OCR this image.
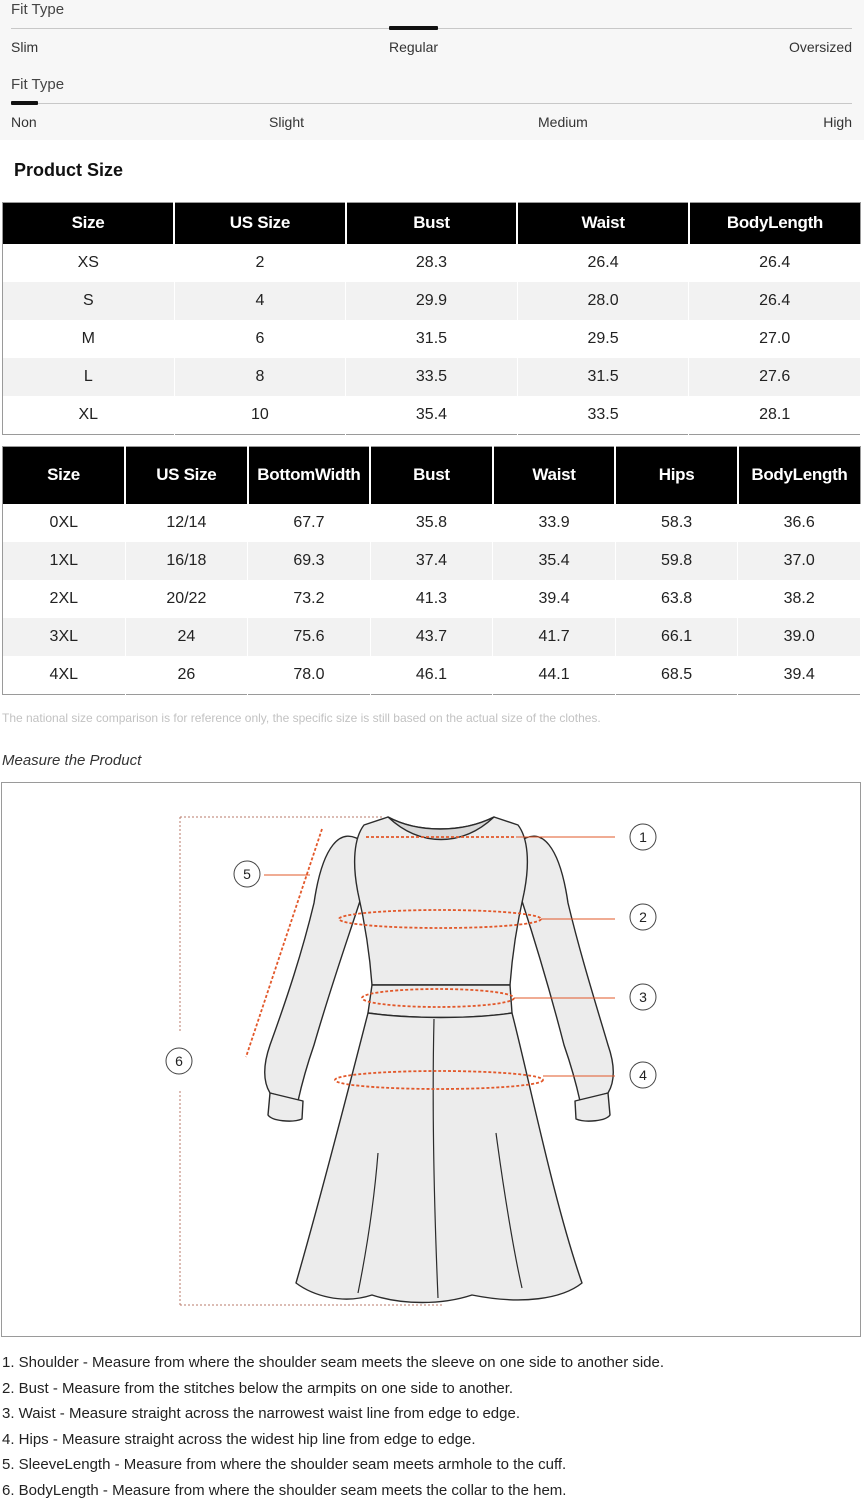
Fit Type
Slim	Regular	Oversized
Fit Type
Non	Slight	Medium	High
Product Size
Size	US Size	Bust	Waist	BodyLength
XS	2	28.3	26.4	26.4
S	4	29.9	28.0	26.4
M	6	31.5	29.5	27.0
L	8	33.5	31.5	27.6
XL	10	35.4	33.5	28.1
Size	US Size	BottomWidth	Bust	Waist	Hips	BodyLength
0XL	12/14	67.7	35.8	33.9	58.3	36.6
1XL	16/18	69.3	37.4	35.4	59.8	37.0
2XL	20/22	73.2	41.3	39.4	63.8	38.2
3XL	24	75.6	43.7	41.7	66.1	39.0
4XL	26	78.0	46.1	44.1	68.5	39.4
The national size comparison is for reference only, the specific size is still based on the actual size of the clothes.
Measure the Product
1
2
3
4
5
6
1. Shoulder - Measure from where the shoulder seam meets the sleeve on one side to another side.
2. Bust - Measure from the stitches below the armpits on one side to another.
3. Waist - Measure straight across the narrowest waist line from edge to edge.
4. Hips - Measure straight across the widest hip line from edge to edge.
5. SleeveLength - Measure from where the shoulder seam meets armhole to the cuff.
6. BodyLength - Measure from where the shoulder seam meets the collar to the hem.
